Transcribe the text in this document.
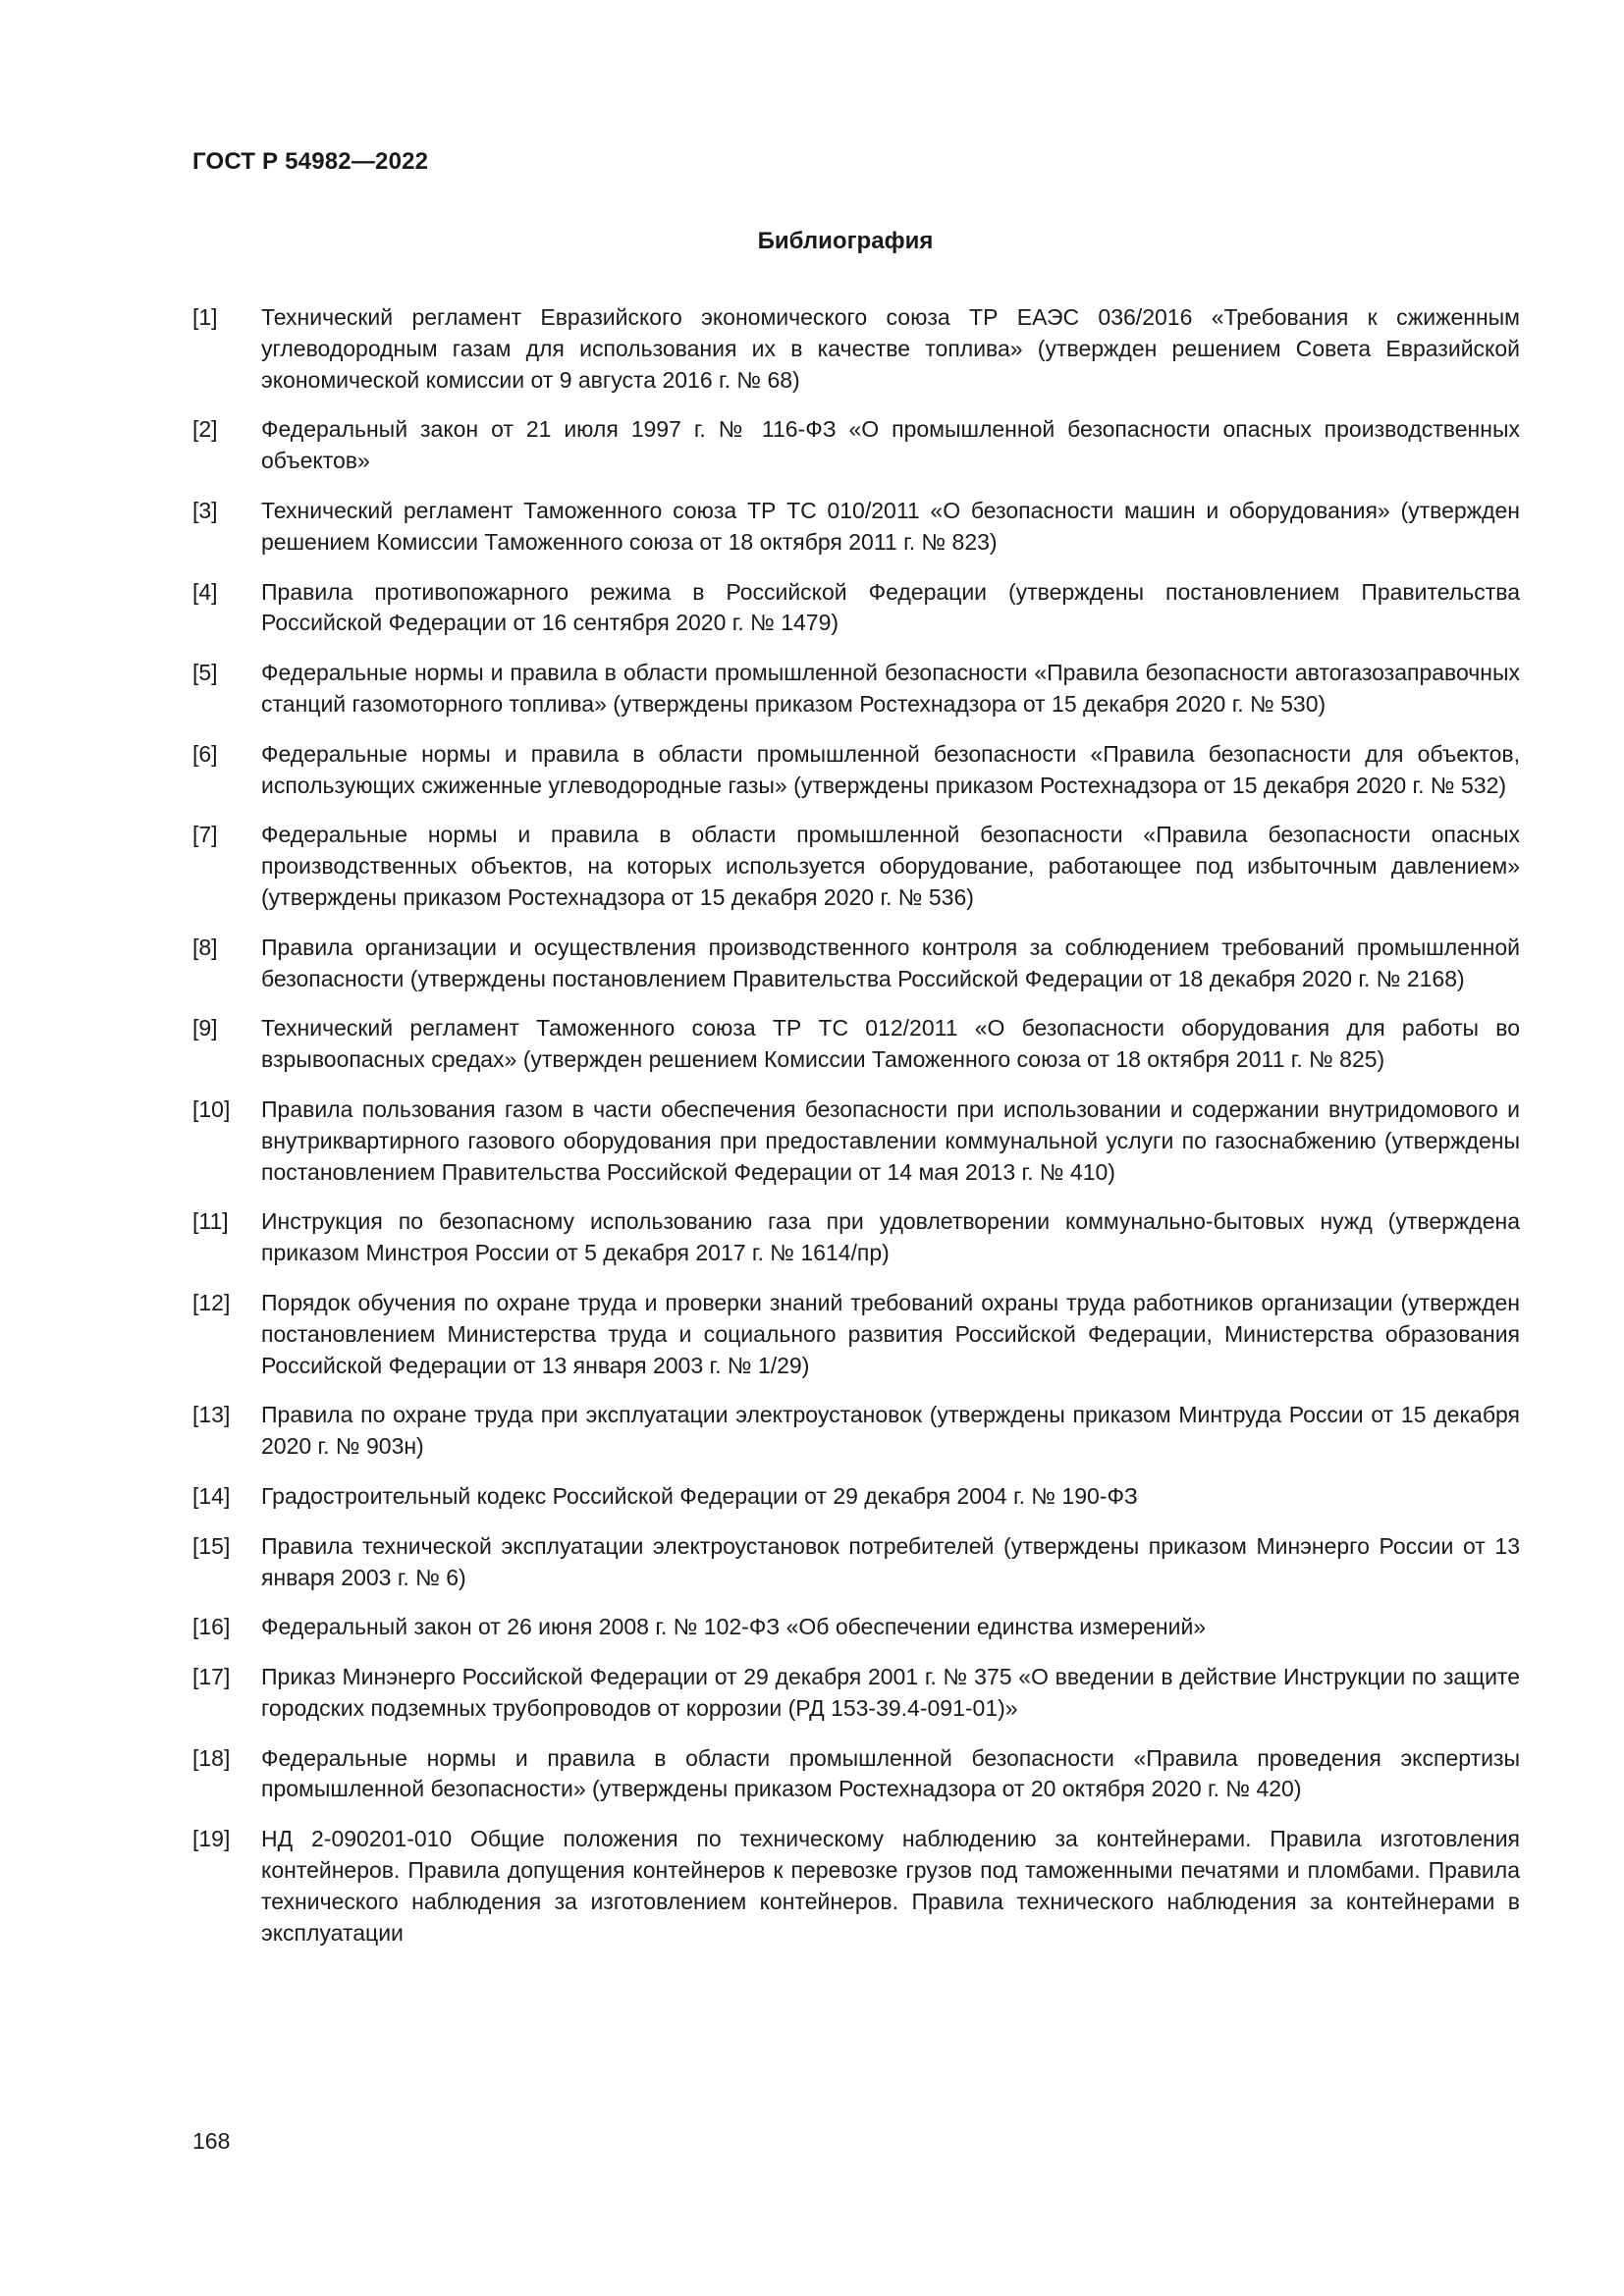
ГОСТ Р 54982—2022
Библиография
[1]	Технический регламент Евразийского экономического союза ТР ЕАЭС 036/2016 «Требования к сжиженным углеводородным газам для использования их в качестве топлива» (утвержден решением Совета Евразийской экономической комиссии от 9 августа 2016 г. № 68)
[2]	Федеральный закон от 21 июля 1997 г. № 116-ФЗ «О промышленной безопасности опасных производственных объектов»
[3]	Технический регламент Таможенного союза ТР ТС 010/2011 «О безопасности машин и оборудования» (утвержден решением Комиссии Таможенного союза от 18 октября 2011 г. № 823)
[4]	Правила противопожарного режима в Российской Федерации (утверждены постановлением Правительства Российской Федерации от 16 сентября 2020 г. № 1479)
[5]	Федеральные нормы и правила в области промышленной безопасности «Правила безопасности автогазозаправочных станций газомоторного топлива» (утверждены приказом Ростехнадзора от 15 декабря 2020 г. № 530)
[6]	Федеральные нормы и правила в области промышленной безопасности «Правила безопасности для объектов, использующих сжиженные углеводородные газы» (утверждены приказом Ростехнадзора от 15 декабря 2020 г. № 532)
[7]	Федеральные нормы и правила в области промышленной безопасности «Правила безопасности опасных производственных объектов, на которых используется оборудование, работающее под избыточным давлением» (утверждены приказом Ростехнадзора от 15 декабря 2020 г. № 536)
[8]	Правила организации и осуществления производственного контроля за соблюдением требований промышленной безопасности (утверждены постановлением Правительства Российской Федерации от 18 декабря 2020 г. № 2168)
[9]	Технический регламент Таможенного союза ТР ТС 012/2011 «О безопасности оборудования для работы во взрывоопасных средах» (утвержден решением Комиссии Таможенного союза от 18 октября 2011 г. № 825)
[10]	Правила пользования газом в части обеспечения безопасности при использовании и содержании внутридомового и внутриквартирного газового оборудования при предоставлении коммунальной услуги по газоснабжению (утверждены постановлением Правительства Российской Федерации от 14 мая 2013 г. № 410)
[11]	Инструкция по безопасному использованию газа при удовлетворении коммунально-бытовых нужд (утверждена приказом Минстроя России от 5 декабря 2017 г. № 1614/пр)
[12]	Порядок обучения по охране труда и проверки знаний требований охраны труда работников организации (утвержден постановлением Министерства труда и социального развития Российской Федерации, Министерства образования Российской Федерации от 13 января 2003 г. № 1/29)
[13]	Правила по охране труда при эксплуатации электроустановок (утверждены приказом Минтруда России от 15 декабря 2020 г. № 903н)
[14]	Градостроительный кодекс Российской Федерации от 29 декабря 2004 г. № 190-ФЗ
[15]	Правила технической эксплуатации электроустановок потребителей (утверждены приказом Минэнерго России от 13 января 2003 г. № 6)
[16]	Федеральный закон от 26 июня 2008 г. № 102-ФЗ «Об обеспечении единства измерений»
[17]	Приказ Минэнерго Российской Федерации от 29 декабря 2001 г. № 375 «О введении в действие Инструкции по защите городских подземных трубопроводов от коррозии (РД 153-39.4-091-01)»
[18]	Федеральные нормы и правила в области промышленной безопасности «Правила проведения экспертизы промышленной безопасности» (утверждены приказом Ростехнадзора от 20 октября 2020 г. № 420)
[19]	НД 2-090201-010 Общие положения по техническому наблюдению за контейнерами. Правила изготовления контейнеров. Правила допущения контейнеров к перевозке грузов под таможенными печатями и пломбами. Правила технического наблюдения за изготовлением контейнеров. Правила технического наблюдения за контейнерами в эксплуатации
168
